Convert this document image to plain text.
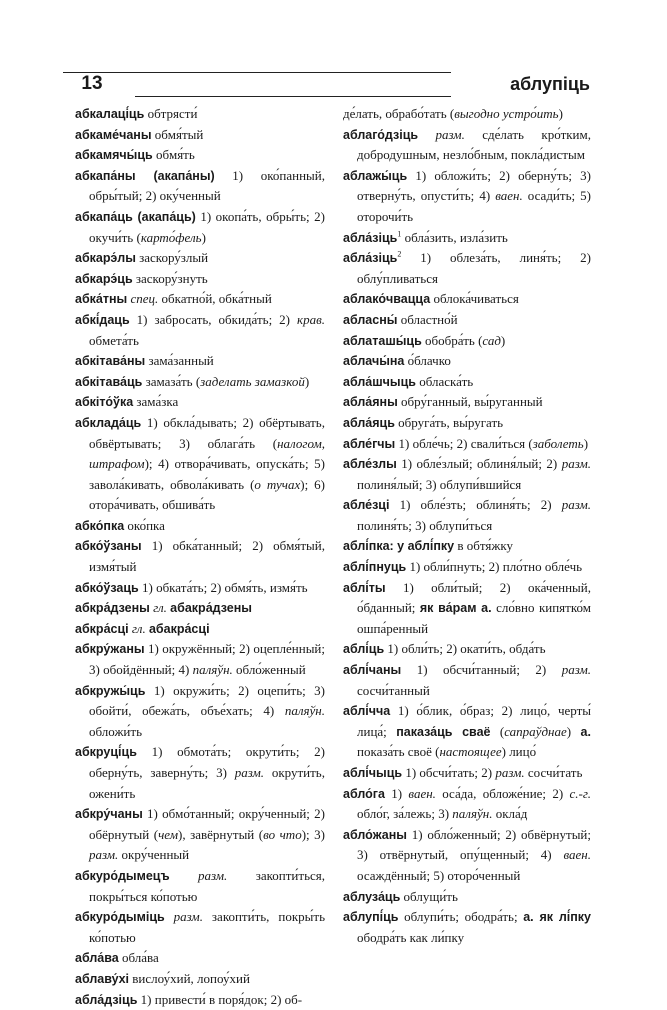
13	аблупіць
абкалаці́ць обтрясти́
абкаме́чаны обмя́тый
абкамячы́ць обмя́ть
абкапа́ны (акапа́ны) 1) око́панный, обры́тый; 2) оку́ченный
абкапа́ць (акапа́ць) 1) окопа́ть, обры́ть; 2) окучи́ть (карто́фель)
абкарэ́лы заскору́злый
абкарэ́ць заскору́знуть
абка́тны спец. обкатно́й, обка́тный
абкі́даць 1) забросать, обкида́ть; 2) крав. обмета́ть
абкітава́ны зама́занный
абкітава́ць замаза́ть (заделать замазкой)
абкіто́ўка зама́зка
абклада́ць 1) обкла́дывать; 2) обёртывать, обвёртывать; 3) облага́ть (налогом, штрафом); 4) отвора́чивать, опуска́ть; 5) завола́кивать, обвола́кивать (о тучах); 6) отора́чивать, обшива́ть
абко́пка око́пка
абко́ўзаны 1) обка́танный; 2) обмя́тый, измя́тый
абко́ўзаць 1) обката́ть; 2) обмя́ть, измя́ть
абкра́дзены гл. абакра́дзены
абкра́сці гл. абакра́сці
абкру́жаны 1) окружённый; 2) оцепле́нный; 3) обойдённый; 4) паляўн. обло́женный
абкружы́ць 1) окружи́ть; 2) оцепи́ть; 3) обойти́, обежа́ть, объе́хать; 4) паляўн. обложи́ть
абкруці́ць 1) обмота́ть; окрути́ть; 2) оберну́ть, заверну́ть; 3) разм. окрути́ть, ожени́ть
абкру́чаны 1) обмо́танный; окру́ченный; 2) обёрнутый (чем), завёрнутый (во что); 3) разм. окру́ченный
абкуро́дымецъ разм. закопти́ться, покры́ться ко́потью
абкуро́дыміць разм. закопти́ть, покры́ть ко́потью
абла́ва обла́ва
аблаву́хі вислоу́хий, лопоу́хий
абла́дзіць 1) привести́ в поря́док; 2) об-
де́лать, обрабо́тать (выгодно устро́ить)
аблаго́дзіць разм. сде́лать кро́тким, добродушным, незло́бным, покла́дистым
аблажы́ць 1) обложи́ть; 2) оберну́ть; 3) отверну́ть, опусти́ть; 4) ваен. осади́ть; 5) оторочи́ть
абла́зіць$^1$ обла́зить, изла́зить
абла́зіць$^2$ 1) облеза́ть, линя́ть; 2) облу́пливаться
аблако́чвацца облока́чиваться
абласны́ областно́й
аблаташы́ць обобра́ть (сад)
аблачы́на о́блачко
абла́шчыць обласка́ть
абла́яны обру́ганный, вы́руганный
абла́яць обруга́ть, вы́ругать
абле́гчы 1) обле́чь; 2) свали́ться (заболеть)
абле́злы 1) обле́злый; облиня́лый; 2) разм. полиня́лый; 3) облупи́вшийся
абле́зці 1) обле́зть; облиня́ть; 2) разм. полиня́ть; 3) облупи́ться
аблі́пка: у аблі́пку в обтя́жку
аблі́пнуць 1) обли́пнуть; 2) пло́тно обле́чь
аблі́ты 1) обли́тый; 2) ока́ченный, о́бданный; як ва́рам а. сло́вно кипятко́м ошпа́ренный
аблі́ць 1) обли́ть; 2) окати́ть, обда́ть
аблі́чаны 1) обсчи́танный; 2) разм. сосчи́танный
аблі́ччa 1) о́блик, о́браз; 2) лицо́, черты́ лица́; паказа́ць сваё (сапраўднае) а. показа́ть своё (настоящее) лицо́
аблі́чыць 1) обсчи́тать; 2) разм. сосчи́тать
абло́га 1) ваен. оса́да, обложе́ние; 2) с.-г. обло́г, за́лежь; 3) паляўн. окла́д
абло́жаны 1) обло́женный; 2) обвёрнутый; 3) отвёрнутый, опу́щенный; 4) ваен. осаждённый; 5) оторо́ченный
аблуза́ць облущи́ть
аблупі́ць облупи́ть; ободра́ть; а. як лі́пку ободра́ть как ли́пку
